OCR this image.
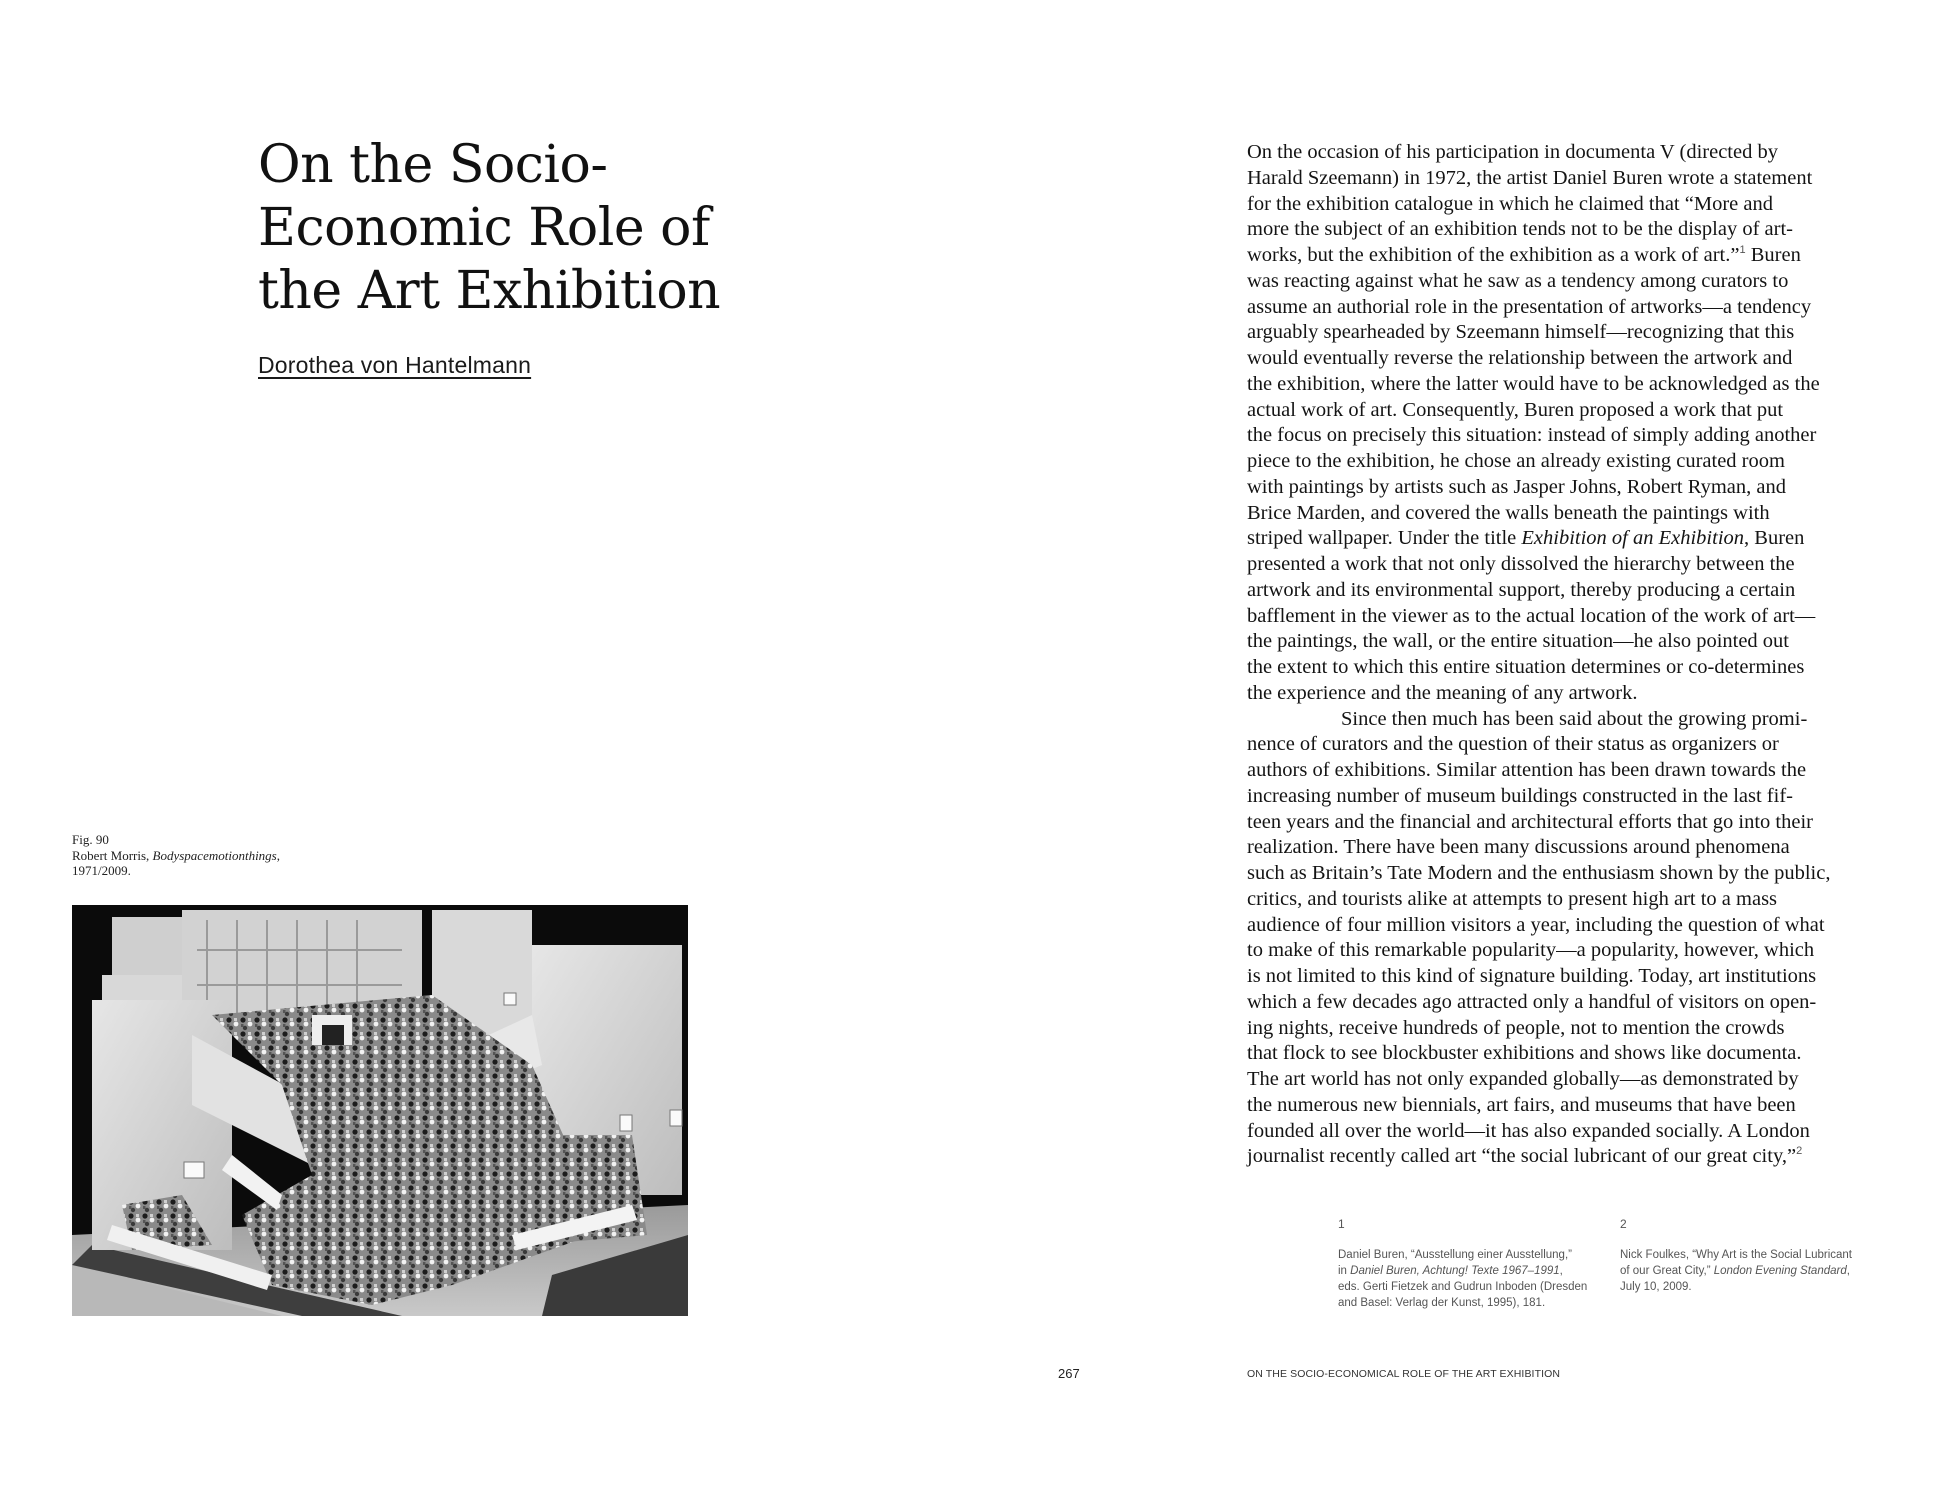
On the Socio-
Economic Role of
the Art Exhibition
Dorothea von Hantelmann
Fig. 90
Robert Morris, Bodyspacemotionthings,
1971/2009.
On the occasion of his participation in documenta V (directed by
Harald Szeemann) in 1972, the artist Daniel Buren wrote a statement
for the exhibition catalogue in which he claimed that “More and
more the subject of an exhibition tends not to be the display of art-
works, but the exhibition of the exhibition as a work of art.”$^1$ Buren
was reacting against what he saw as a tendency among curators to
assume an authorial role in the presentation of artworks—a tendency
arguably spearheaded by Szeemann himself—recognizing that this
would eventually reverse the relationship between the artwork and
the exhibition, where the latter would have to be acknowledged as the
actual work of art. Consequently, Buren proposed a work that put
the focus on precisely this situation: instead of simply adding another
piece to the exhibition, he chose an already existing curated room
with paintings by artists such as Jasper Johns, Robert Ryman, and
Brice Marden, and covered the walls beneath the paintings with
striped wallpaper. Under the title Exhibition of an Exhibition, Buren
presented a work that not only dissolved the hierarchy between the
artwork and its environmental support, thereby producing a certain
bafflement in the viewer as to the actual location of the work of art—
the paintings, the wall, or the entire situation—he also pointed out
the extent to which this entire situation determines or co-determines
the experience and the meaning of any artwork.
Since then much has been said about the growing promi-
nence of curators and the question of their status as organizers or
authors of exhibitions. Similar attention has been drawn towards the
increasing number of museum buildings constructed in the last fif-
teen years and the financial and architectural efforts that go into their
realization. There have been many discussions around phenomena
such as Britain’s Tate Modern and the enthusiasm shown by the public,
critics, and tourists alike at attempts to present high art to a mass
audience of four million visitors a year, including the question of what
to make of this remarkable popularity—a popularity, however, which
is not limited to this kind of signature building. Today, art institutions
which a few decades ago attracted only a handful of visitors on open-
ing nights, receive hundreds of people, not to mention the crowds
that flock to see blockbuster exhibitions and shows like documenta.
The art world has not only expanded globally—as demonstrated by
the numerous new biennials, art fairs, and museums that have been
founded all over the world—it has also expanded socially. A London
journalist recently called art “the social lubricant of our great city,”$^2$
1
Daniel Buren, “Ausstellung einer Ausstellung,”
in Daniel Buren, Achtung! Texte 1967–1991,
eds. Gerti Fietzek and Gudrun Inboden (Dresden
and Basel: Verlag der Kunst, 1995), 181.
2
Nick Foulkes, “Why Art is the Social Lubricant
of our Great City,” London Evening Standard,
July 10, 2009.
267	ON THE SOCIO-ECONOMICAL ROLE OF THE ART EXHIBITION
